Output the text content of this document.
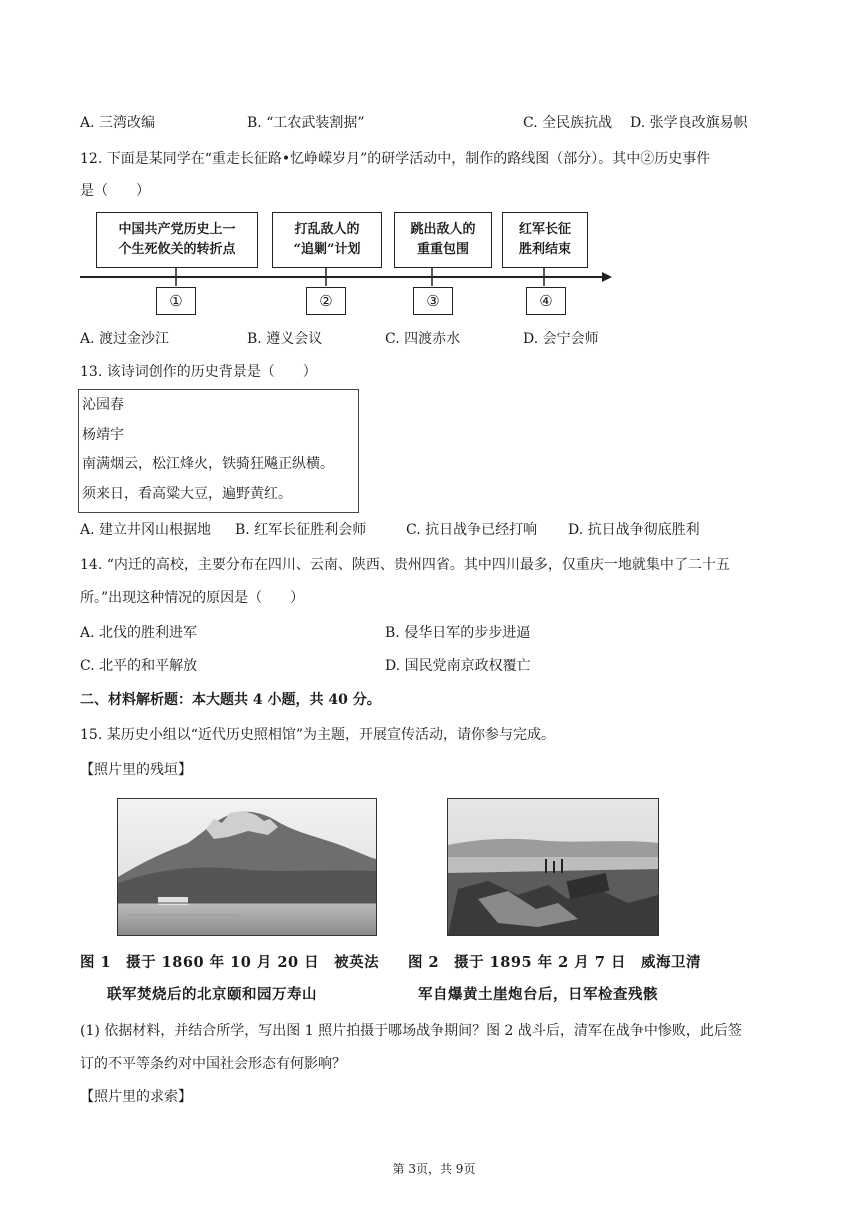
A. 三湾改编	B. “工农武装割据”	C. 全民族抗战 D. 张学良改旗易帜
12. 下面是某同学在“重走长征路•忆峥嵘岁月”的研学活动中，制作的路线图（部分）。其中②历史事件
是（　　）
中国共产党历史上一
个生死攸关的转折点
打乱敌人的
“追剿”计划
跳出敌人的
重重包围
红军长征
胜利结束
①	②	③	④
A. 渡过金沙江	B. 遵义会议	C. 四渡赤水	D. 会宁会师
13. 该诗词创作的历史背景是（　　）
沁园春
杨靖宇
南满烟云，松江烽火，铁骑狂飚正纵横。
须来日，看高粱大豆，遍野黄红。
A. 建立井冈山根据地 B. 红军长征胜利会师	C. 抗日战争已经打响 D. 抗日战争彻底胜利
14. “内迁的高校，主要分布在四川、云南、陕西、贵州四省。其中四川最多，仅重庆一地就集中了二十五
所。”出现这种情况的原因是（　　）
A. 北伐的胜利进军	B. 侵华日军的步步进逼
C. 北平的和平解放	D. 国民党南京政权覆亡
二、材料解析题：本大题共 4 小题，共 40 分。
15. 某历史小组以“近代历史照相馆”为主题，开展宣传活动，请你参与完成。
【照片里的残垣】
图 1　摄于 1860 年 10 月 20 日　被英法
联军焚烧后的北京颐和园万寿山
图 2　摄于 1895 年 2 月 7 日　威海卫清
军自爆黄土崖炮台后，日军检查残骸
(1) 依据材料，并结合所学，写出图 1 照片拍摄于哪场战争期间？图 2 战斗后，清军在战争中惨败，此后签
订的不平等条约对中国社会形态有何影响？
【照片里的求索】
第 3页，共 9页
